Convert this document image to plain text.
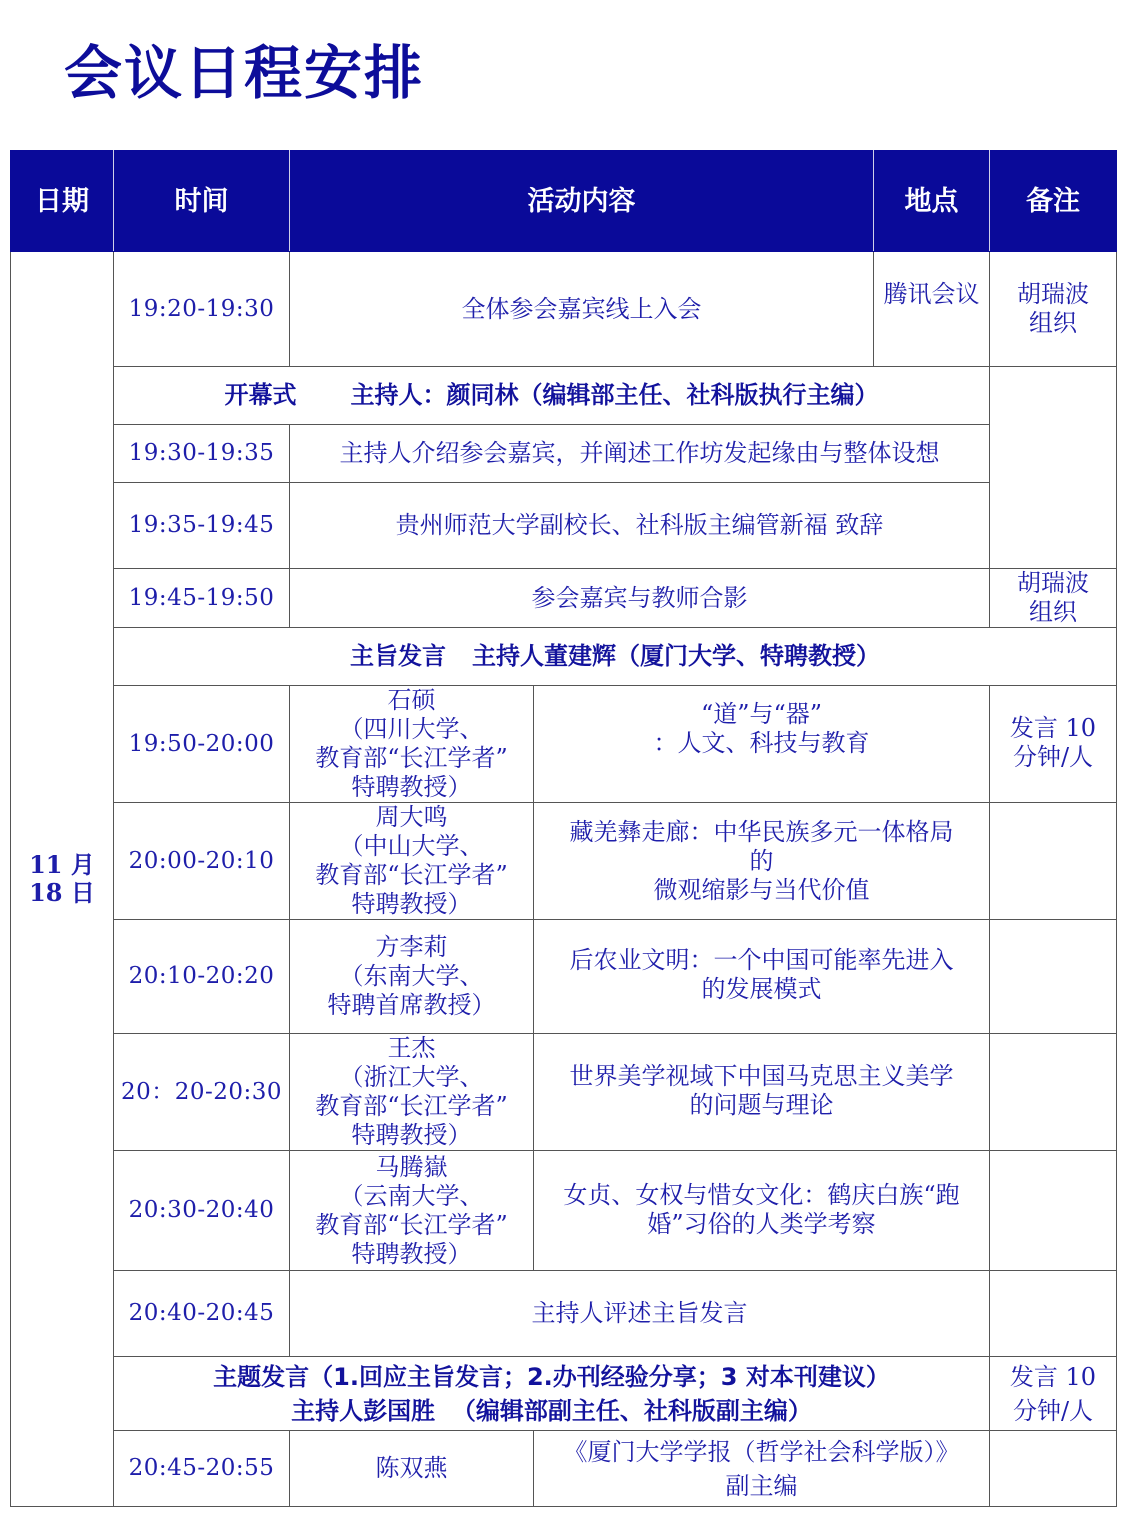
会议日程安排
日期	时间	活动内容		地点	备注

11 月
18 日	19:20-19:30	全体参会嘉宾线上入会		腾讯会议	胡瑞波
组织

	开幕式 主持人：颜同林（编辑部主任、社科版执行主编）				
	19:30-19:35	主持人介绍参会嘉宾，并阐述工作坊发起缘由与整体设想			
	19:35-19:45	贵州师范大学副校长、社科版主编管新福 致辞			
	19:45-19:50	参会嘉宾与教师合影			胡瑞波
组织

	主旨发言 主持人董建辉（厦门大学、特聘教授）				
	19:50-20:00	石硕
（四川大学、
教育部“长江学者”
特聘教授）	“道”与“器”
：人文、科技与教育		发言 10
分钟/人

	20:00-20:10	周大鸣
（中山大学、
教育部“长江学者”
特聘教授）	藏羌彝走廊：中华民族多元一体格局
的
微观缩影与当代价值		

	20:10-20:20	方李莉
（东南大学、
特聘首席教授）	后农业文明：一个中国可能率先进入
的发展模式		

	20：20-20:30	王杰
（浙江大学、
教育部“长江学者”
特聘教授）	世界美学视域下中国马克思主义美学
的问题与理论		

	20:30-20:40	马腾嶽
（云南大学、
教育部“长江学者”
特聘教授）	女贞、女权与惜女文化：鹤庆白族“跑
婚”习俗的人类学考察		

	20:40-20:45	主持人评述主旨发言			

	主题发言（1.回应主旨发言；2.办刊经验分享；3 对本刊建议）
主持人彭国胜 （编辑部副主任、社科版副主编）				发言 10
分钟/人

	20:45-20:55	陈双燕	《厦门大学学报（哲学社会科学版）》
副主编		
